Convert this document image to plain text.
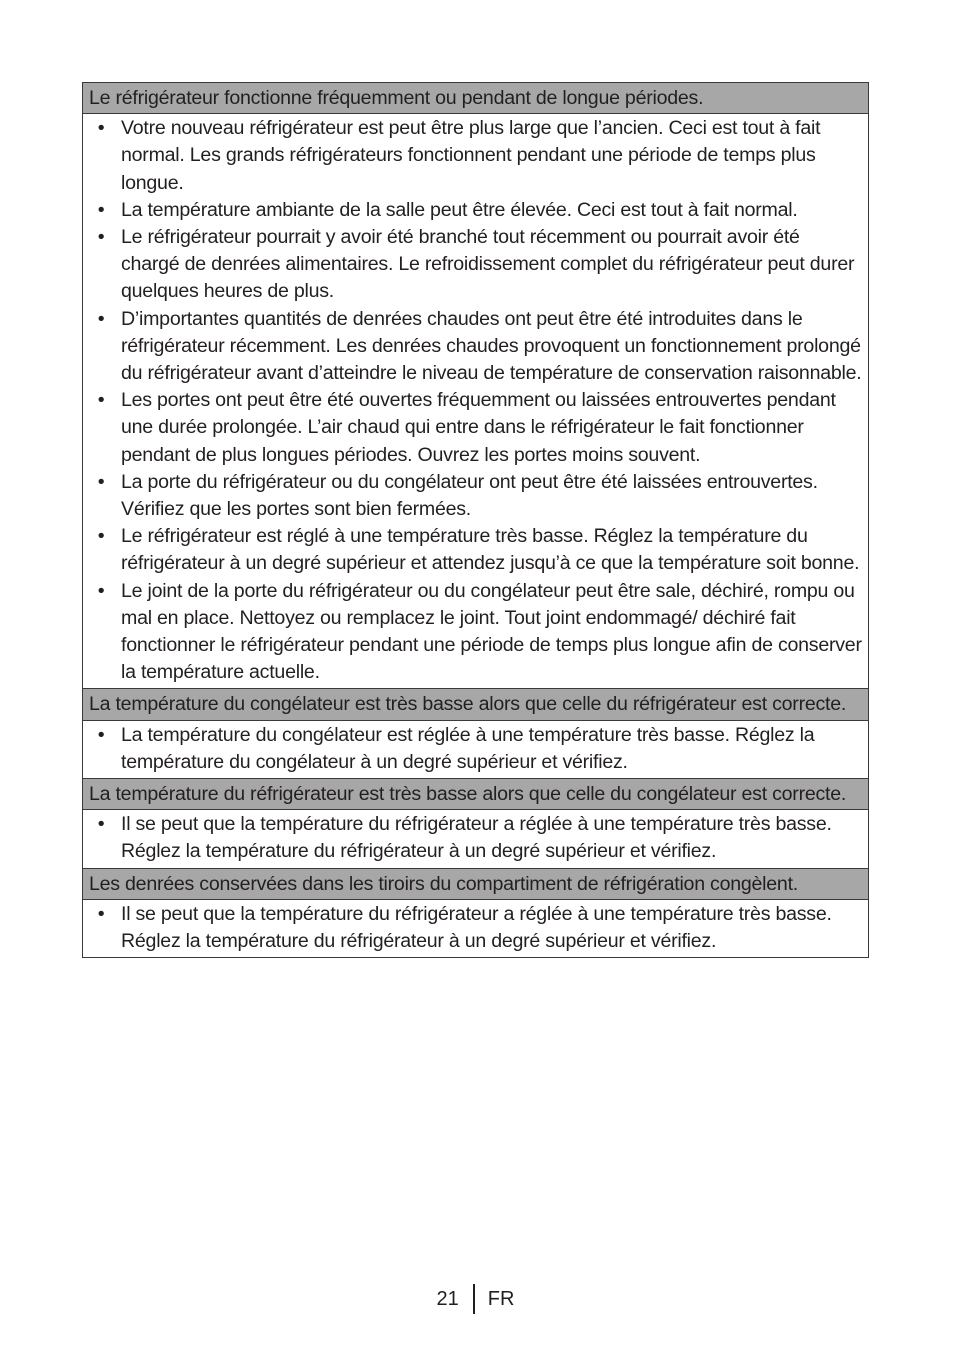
Le réfrigérateur fonctionne fréquemment ou pendant de longue périodes.
• Votre nouveau réfrigérateur est peut être plus large que l’ancien. Ceci est tout à fait normal. Les grands réfrigérateurs fonctionnent pendant une période de temps plus longue.
• La température ambiante de la salle peut être élevée. Ceci est tout à fait normal.
• Le réfrigérateur pourrait y avoir été branché tout récemment ou pourrait avoir été chargé de denrées alimentaires. Le refroidissement complet du réfrigérateur peut durer quelques heures de plus.
• D’importantes quantités de denrées chaudes ont peut être été introduites dans le réfrigérateur récemment. Les denrées chaudes provoquent un fonctionnement prolongé du réfrigérateur avant d’atteindre le niveau de température de conservation raisonnable.
• Les portes ont peut être été ouvertes fréquemment ou laissées entrouvertes pendant une durée prolongée. L’air chaud qui entre dans le réfrigérateur le fait fonctionner pendant de plus longues périodes. Ouvrez les portes moins souvent.
• La porte du réfrigérateur ou du congélateur ont peut être été laissées entrouvertes. Vérifiez que les portes sont bien fermées.
• Le réfrigérateur est réglé à une température très basse. Réglez la température du réfrigérateur à un degré supérieur et attendez jusqu’à ce que la température soit bonne.
• Le joint de la porte du réfrigérateur ou du congélateur peut être sale, déchiré, rompu ou mal en place. Nettoyez ou remplacez le joint. Tout joint endommagé/ déchiré fait fonctionner le réfrigérateur pendant une période de temps plus longue afin de conserver la température actuelle.
La température du congélateur est très basse alors que celle du réfrigérateur est correcte.
• La température du congélateur est réglée à une température très basse. Réglez la température du congélateur à un degré supérieur et vérifiez.
La température du réfrigérateur est très basse alors que celle du congélateur est correcte.
• Il se peut que la température du réfrigérateur a réglée à une température très basse. Réglez la température du réfrigérateur à un degré supérieur et vérifiez.
Les denrées conservées dans les tiroirs du compartiment de réfrigération congèlent.
• Il se peut que la température du réfrigérateur a réglée à une température très basse. Réglez la température du réfrigérateur à un degré supérieur et vérifiez.
21 FR
